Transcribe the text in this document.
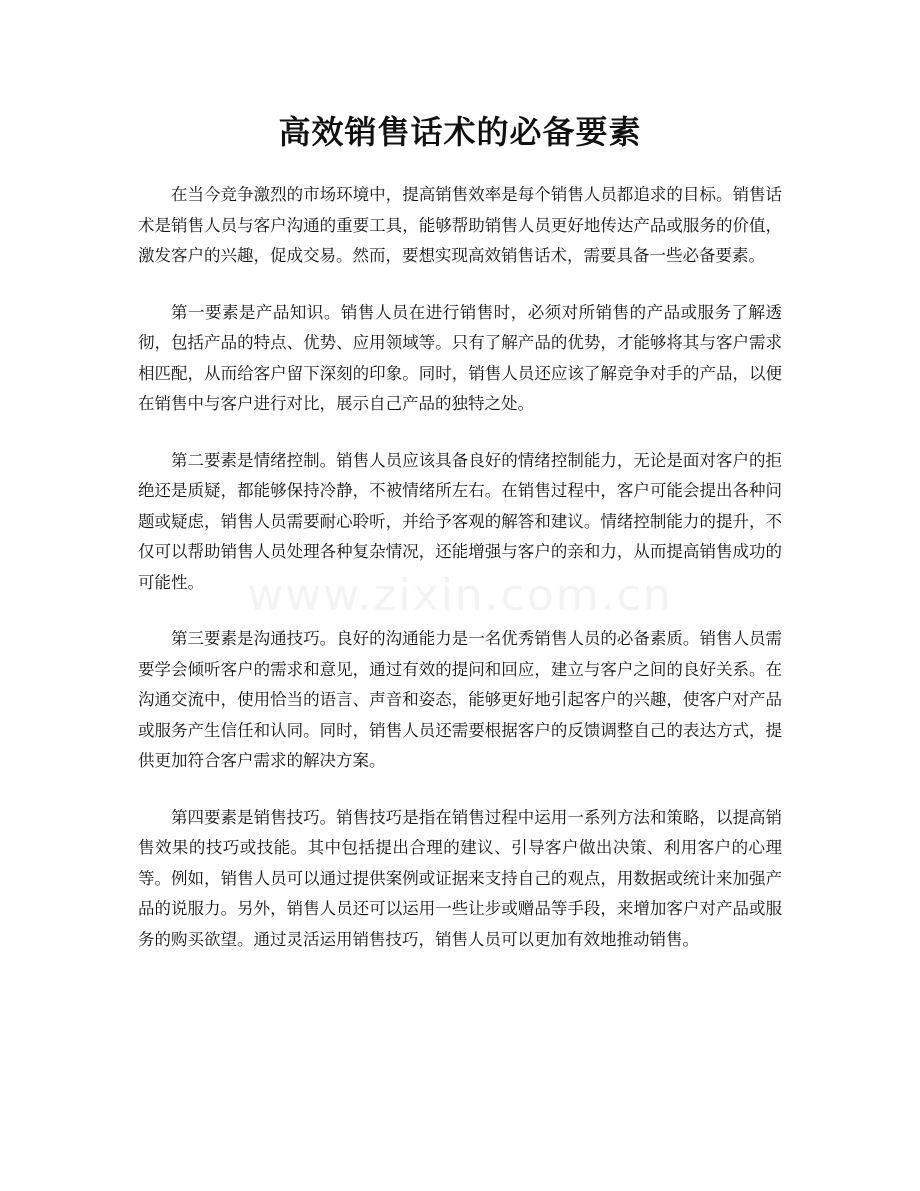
高效销售话术的必备要素

在当今竞争激烈的市场环境中，提高销售效率是每个销售人员都追求的目标。销售话术是销售人员与客户沟通的重要工具，能够帮助销售人员更好地传达产品或服务的价值，激发客户的兴趣，促成交易。然而，要想实现高效销售话术，需要具备一些必备要素。

第一要素是产品知识。销售人员在进行销售时，必须对所销售的产品或服务了解透彻，包括产品的特点、优势、应用领域等。只有了解产品的优势，才能够将其与客户需求相匹配，从而给客户留下深刻的印象。同时，销售人员还应该了解竞争对手的产品，以便在销售中与客户进行对比，展示自己产品的独特之处。

第二要素是情绪控制。销售人员应该具备良好的情绪控制能力，无论是面对客户的拒绝还是质疑，都能够保持冷静，不被情绪所左右。在销售过程中，客户可能会提出各种问题或疑虑，销售人员需要耐心聆听，并给予客观的解答和建议。情绪控制能力的提升，不仅可以帮助销售人员处理各种复杂情况，还能增强与客户的亲和力，从而提高销售成功的可能性。

第三要素是沟通技巧。良好的沟通能力是一名优秀销售人员的必备素质。销售人员需要学会倾听客户的需求和意见，通过有效的提问和回应，建立与客户之间的良好关系。在沟通交流中，使用恰当的语言、声音和姿态，能够更好地引起客户的兴趣，使客户对产品或服务产生信任和认同。同时，销售人员还需要根据客户的反馈调整自己的表达方式，提供更加符合客户需求的解决方案。

第四要素是销售技巧。销售技巧是指在销售过程中运用一系列方法和策略，以提高销售效果的技巧或技能。其中包括提出合理的建议、引导客户做出决策、利用客户的心理等。例如，销售人员可以通过提供案例或证据来支持自己的观点，用数据或统计来加强产品的说服力。另外，销售人员还可以运用一些让步或赠品等手段，来增加客户对产品或服务的购买欲望。通过灵活运用销售技巧，销售人员可以更加有效地推动销售。

www.zixin.com.cn
